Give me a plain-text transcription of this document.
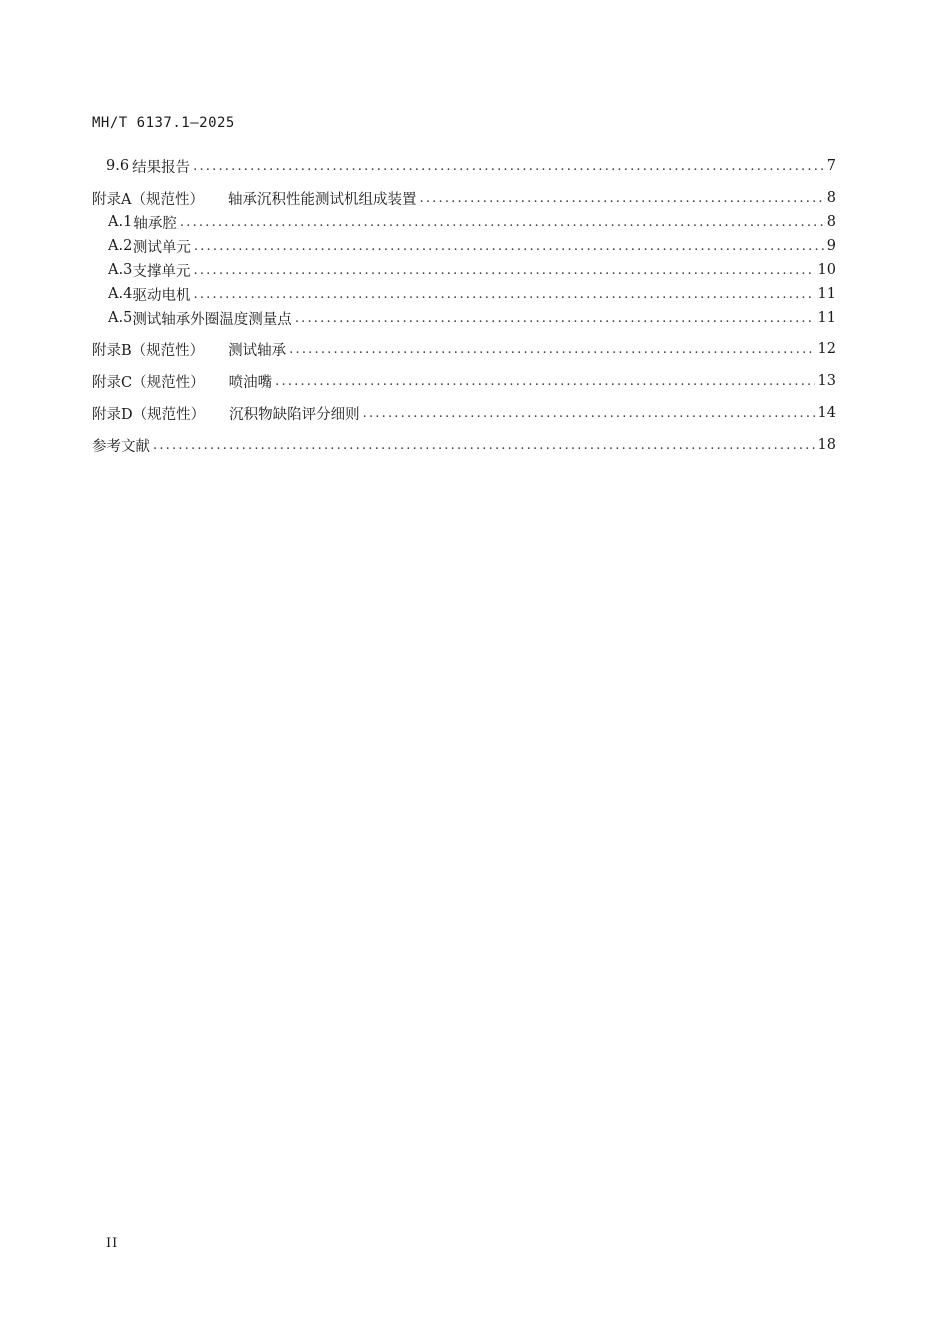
MH/T 6137.1—2025
9.6 结果报告 .....	7
附录A（规范性） 轴承沉积性能测试机组成装置 .....	8
A.1 轴承腔 .....	8
A.2 测试单元 .....	9
A.3 支撑单元 .....	10
A.4 驱动电机 .....	11
A.5 测试轴承外圈温度测量点 .....	11
附录B（规范性） 测试轴承 .....	12
附录C（规范性） 喷油嘴 .....	13
附录D（规范性） 沉积物缺陷评分细则 .....	14
参考文献 .....	18
II
